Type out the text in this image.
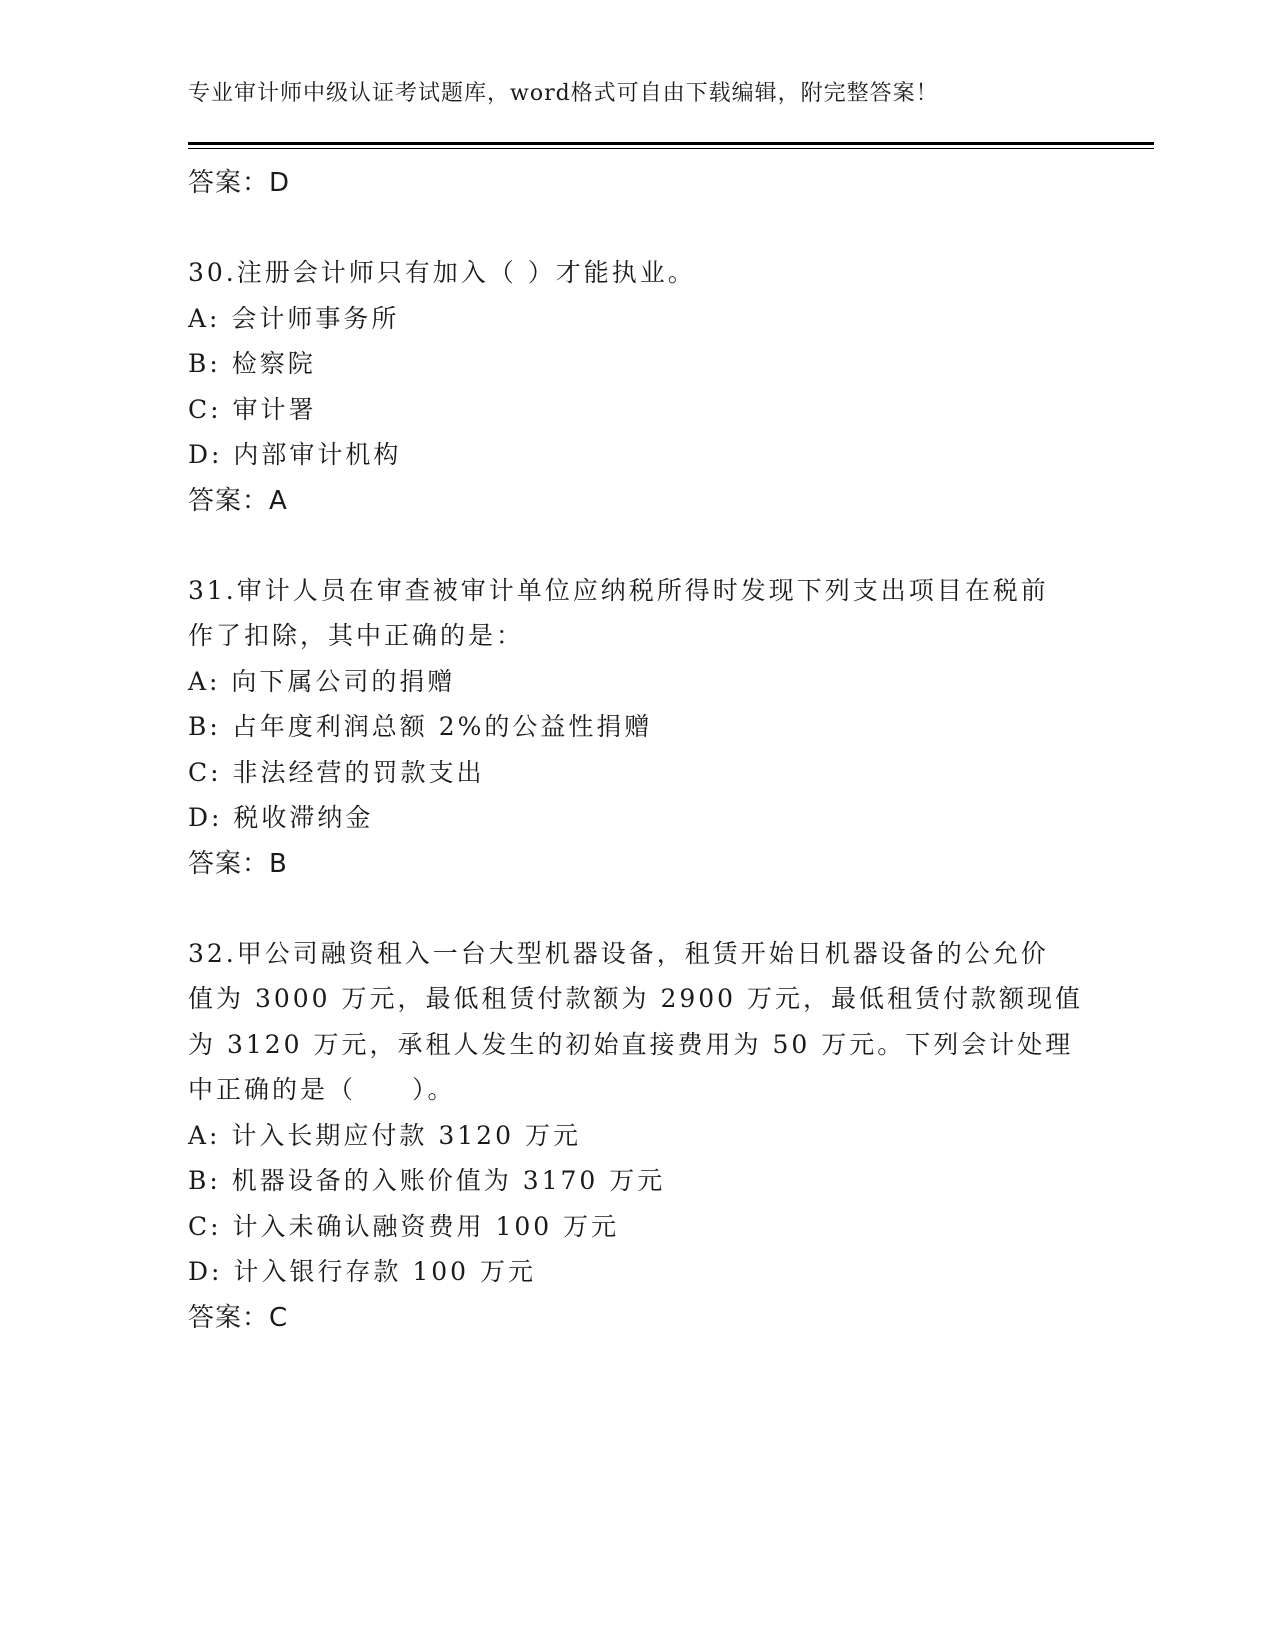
专业审计师中级认证考试题库，word格式可自由下载编辑，附完整答案！
答案：D
30.注册会计师只有加入（ ）才能执业。
A: 会计师事务所
B: 检察院
C: 审计署
D: 内部审计机构
答案：A
31.审计人员在审查被审计单位应纳税所得时发现下列支出项目在税前
作了扣除，其中正确的是：
A: 向下属公司的捐赠
B: 占年度利润总额 2%的公益性捐赠
C: 非法经营的罚款支出
D: 税收滞纳金
答案：B
32.甲公司融资租入一台大型机器设备，租赁开始日机器设备的公允价
值为 3000 万元，最低租赁付款额为 2900 万元，最低租赁付款额现值
为 3120 万元，承租人发生的初始直接费用为 50 万元。下列会计处理
中正确的是（　　）。
A: 计入长期应付款 3120 万元
B: 机器设备的入账价值为 3170 万元
C: 计入未确认融资费用 100 万元
D: 计入银行存款 100 万元
答案：C
